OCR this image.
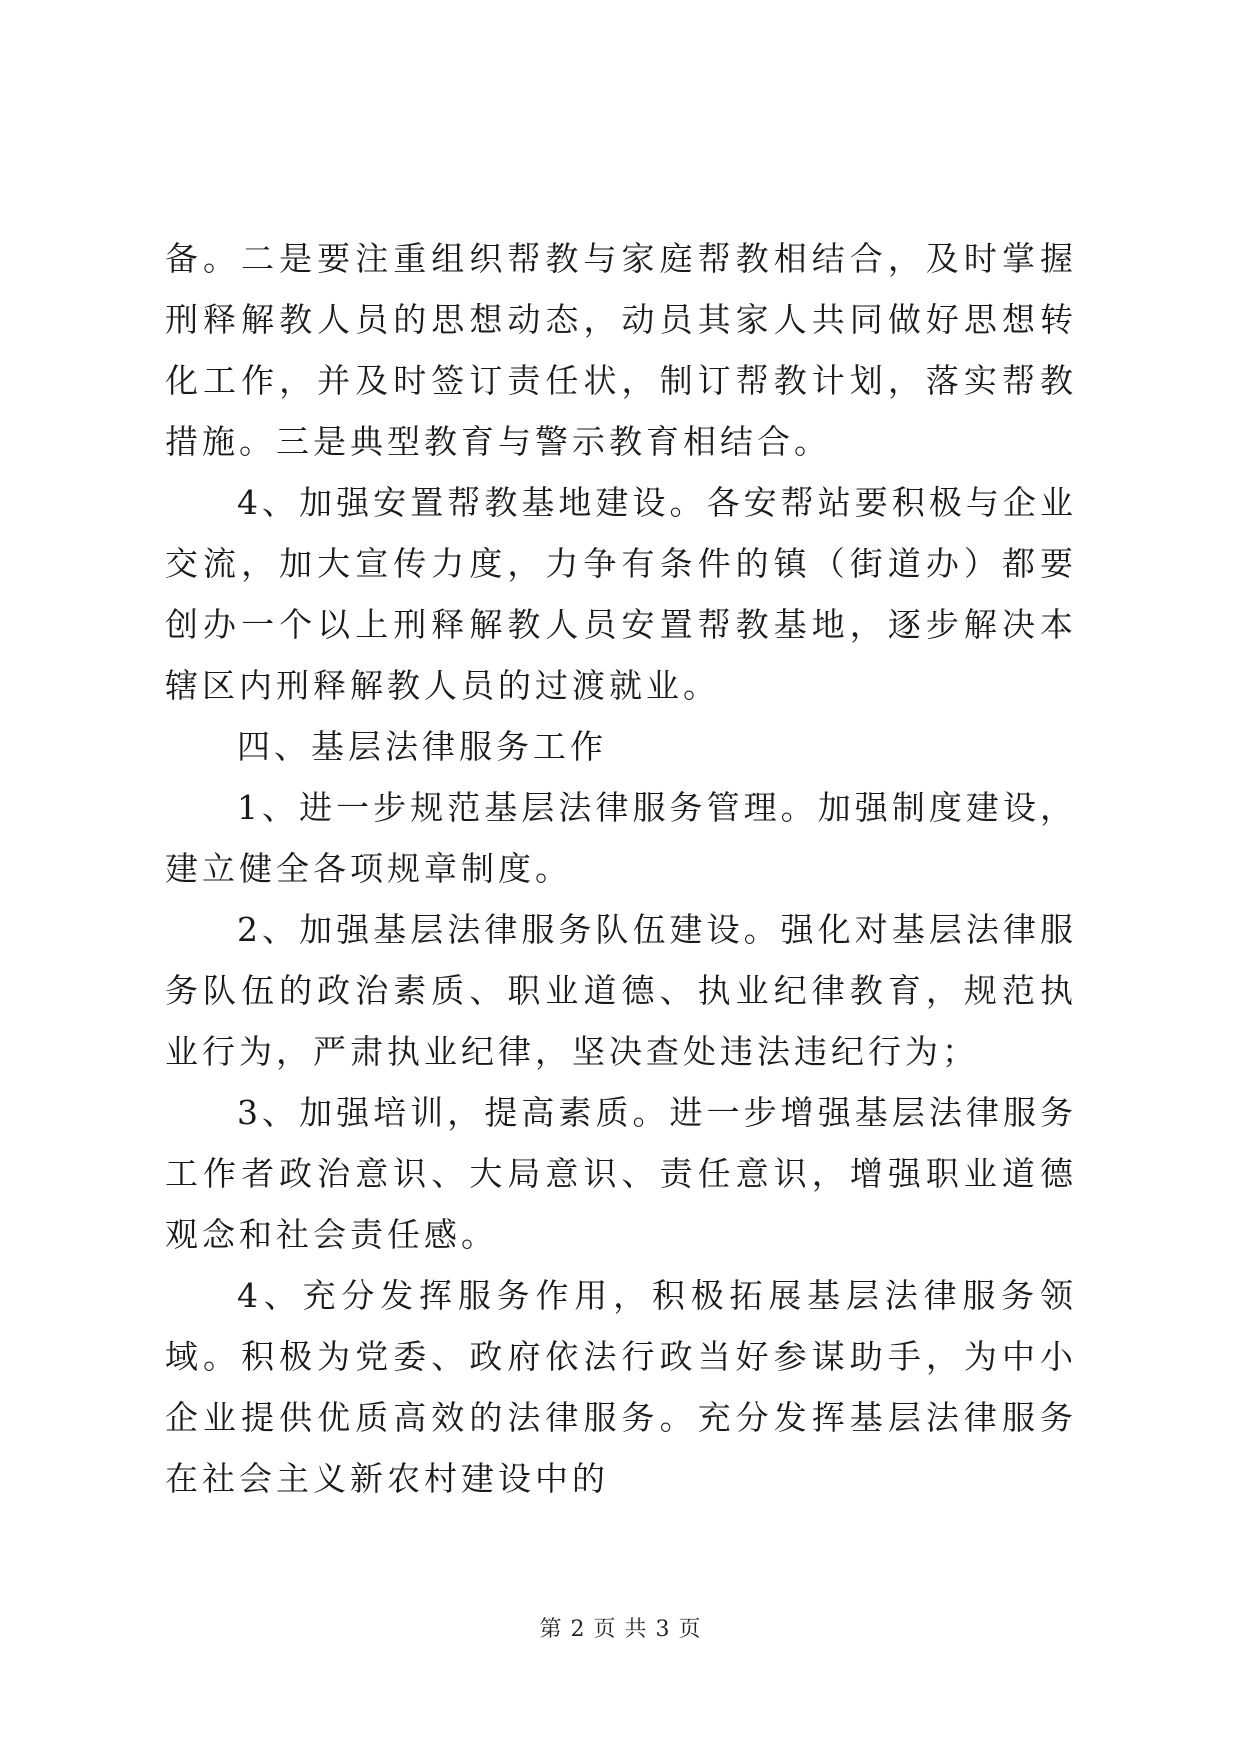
备。二是要注重组织帮教与家庭帮教相结合，及时掌握刑释解教人员的思想动态，动员其家人共同做好思想转化工作，并及时签订责任状，制订帮教计划，落实帮教措施。三是典型教育与警示教育相结合。

4、加强安置帮教基地建设。各安帮站要积极与企业交流，加大宣传力度，力争有条件的镇（街道办）都要创办一个以上刑释解教人员安置帮教基地，逐步解决本辖区内刑释解教人员的过渡就业。

四、基层法律服务工作

1、进一步规范基层法律服务管理。加强制度建设，建立健全各项规章制度。

2、加强基层法律服务队伍建设。强化对基层法律服务队伍的政治素质、职业道德、执业纪律教育，规范执业行为，严肃执业纪律，坚决查处违法违纪行为；

3、加强培训，提高素质。进一步增强基层法律服务工作者政治意识、大局意识、责任意识，增强职业道德观念和社会责任感。

4、充分发挥服务作用，积极拓展基层法律服务领域。积极为党委、政府依法行政当好参谋助手，为中小企业提供优质高效的法律服务。充分发挥基层法律服务在社会主义新农村建设中的

第 2 页 共 3 页
